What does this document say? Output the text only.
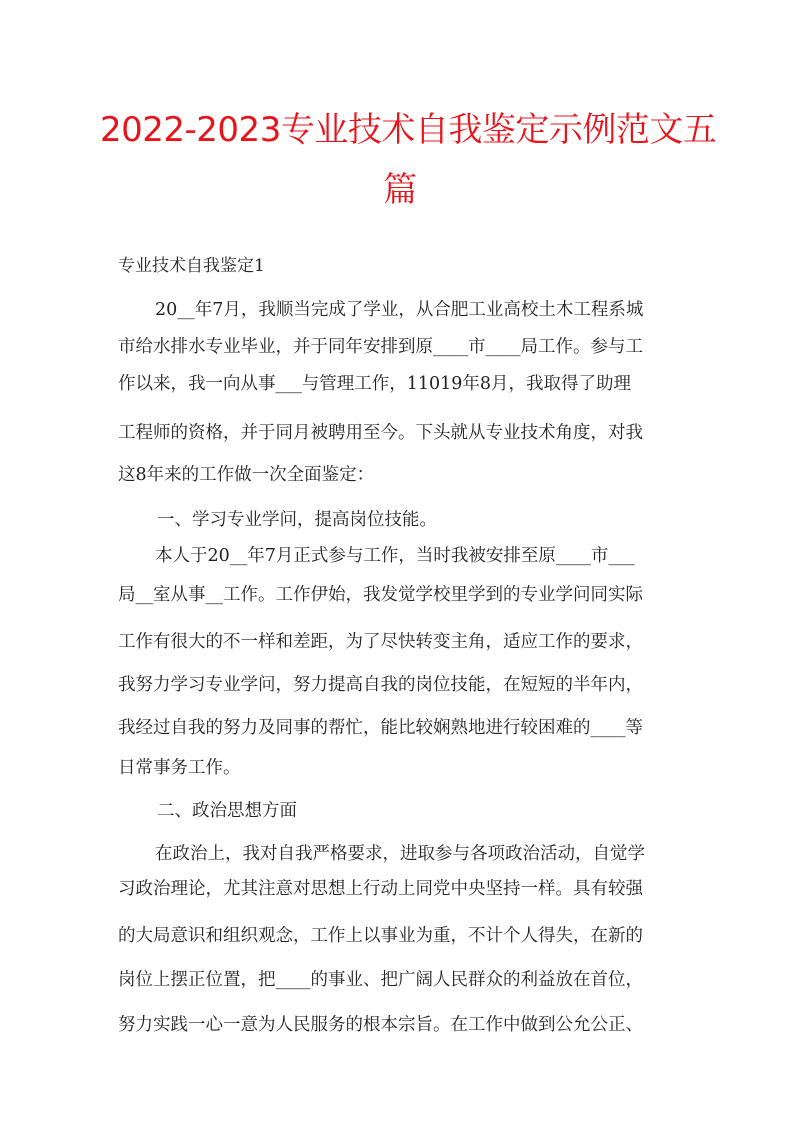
2022-2023专业技术自我鉴定示例范文五
篇
专业技术自我鉴定1
20__年7月，我顺当完成了学业，从合肥工业高校土木工程系城
市给水排水专业毕业，并于同年安排到原____市____局工作。参与工
作以来，我一向从事___与管理工作，11019年8月，我取得了助理
工程师的资格，并于同月被聘用至今。下头就从专业技术角度，对我
这8年来的工作做一次全面鉴定：
一、学习专业学问，提高岗位技能。
本人于20__年7月正式参与工作，当时我被安排至原____市___
局__室从事__工作。工作伊始，我发觉学校里学到的专业学问同实际
工作有很大的不一样和差距，为了尽快转变主角，适应工作的要求，
我努力学习专业学问，努力提高自我的岗位技能，在短短的半年内，
我经过自我的努力及同事的帮忙，能比较娴熟地进行较困难的____等
日常事务工作。
二、政治思想方面
在政治上，我对自我严格要求，进取参与各项政治活动，自觉学
习政治理论，尤其注意对思想上行动上同党中央坚持一样。具有较强
的大局意识和组织观念，工作上以事业为重，不计个人得失，在新的
岗位上摆正位置，把____的事业、把广阔人民群众的利益放在首位，
努力实践一心一意为人民服务的根本宗旨。在工作中做到公允公正、
